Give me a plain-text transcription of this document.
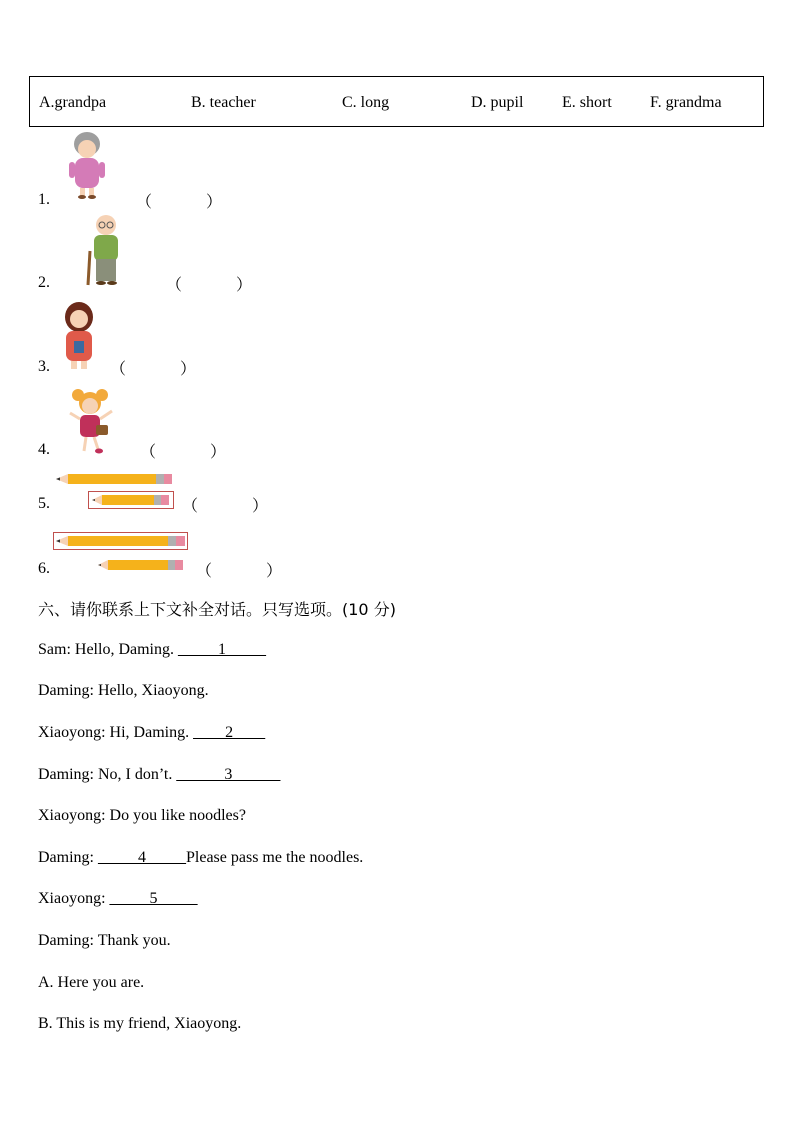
A.grandpa	B. teacher	C. long	D. pupil E. short F. grandma
1.	（	）
2.	（	）
3.	（	）
4.	（	）
5.	（	）
6.	（	）
六、请你联系上下文补全对话。只写选项。(10 分)
Sam: Hello, Daming. _____1_____
Daming: Hello, Xiaoyong.
Xiaoyong: Hi, Daming. ____2____
Daming: No, I don’t. ______3______
Xiaoyong: Do you like noodles?
Daming: _____4_____Please pass me the noodles.
Xiaoyong: _____5_____
Daming: Thank you.
A. Here you are.
B. This is my friend, Xiaoyong.
